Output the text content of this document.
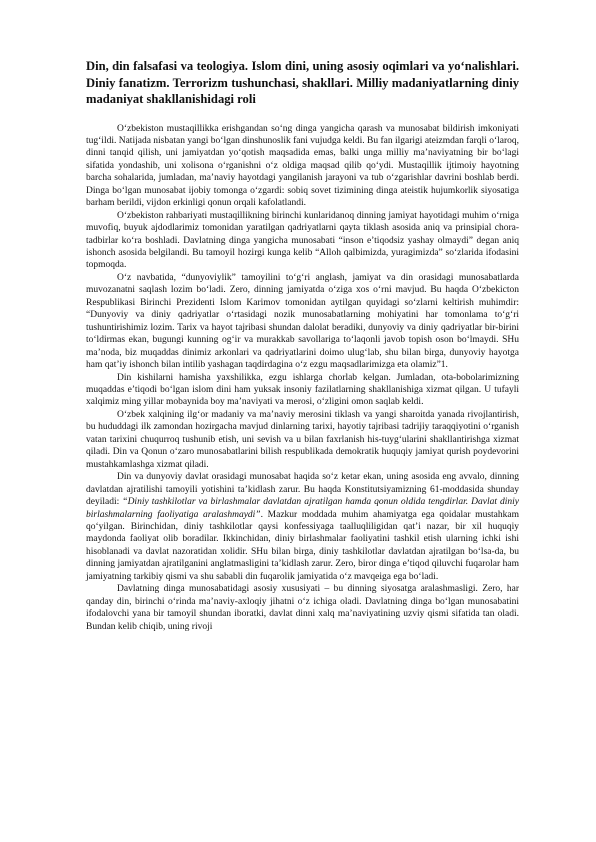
Din, din falsafasi va teologiya. Islom dini, uning asosiy oqimlari va yo‘nalishlari. Diniy fanatizm. Terrorizm tushunchasi, shakllari. Milliy madaniyatlarning diniy madaniyat shakllanishidagi roli

O‘zbekiston mustaqillikka erishgandan so‘ng dinga yangicha qarash va munosabat bildirish imkoniyati tug‘ildi. Natijada nisbatan yangi bo‘lgan dinshunoslik fani vujudga keldi. Bu fan ilgarigi ateizmdan farqli o‘laroq, dinni tanqid qilish, uni jamiyatdan yo‘qotish maqsadida emas, balki unga milliy ma’naviyatning bir bo‘lagi sifatida yondashib, uni xolisona o‘rganishni o‘z oldiga maqsad qilib qo‘ydi. Mustaqillik ijtimoiy hayotning barcha sohalarida, jumladan, ma’naviy hayotdagi yangilanish jarayoni va tub o‘zgarishlar davrini boshlab berdi. Dinga bo‘lgan munosabat ijobiy tomonga o‘zgardi: sobiq sovet tizimining dinga ateistik hujumkorlik siyosatiga barham berildi, vijdon erkinligi qonun orqali kafolatlandi.

O‘zbekiston rahbariyati mustaqillikning birinchi kunlaridanoq dinning jamiyat hayotidagi muhim o‘rniga muvofiq, buyuk ajdodlarimiz tomonidan yaratilgan qadriyatlarni qayta tiklash asosida aniq va prinsipial chora-tadbirlar ko‘ra boshladi. Davlatning dinga yangicha munosabati “inson e’tiqodsiz yashay olmaydi” degan aniq ishonch asosida belgilandi. Bu tamoyil hozirgi kunga kelib “Alloh qalbimizda, yuragimizda” so‘zlarida ifodasini topmoqda.

O‘z navbatida, “dunyoviylik” tamoyilini to‘g‘ri anglash, jamiyat va din orasidagi munosabatlarda muvozanatni saqlash lozim bo‘ladi. Zero, dinning jamiyatda o‘ziga xos o‘rni mavjud. Bu haqda O‘zbekicton Respublikasi Birinchi Prezidenti Islom Karimov tomonidan aytilgan quyidagi so‘zlarni keltirish muhimdir: “Dunyoviy va diniy qadriyatlar o‘rtasidagi nozik munosabatlarning mohiyatini har tomonlama to‘g‘ri tushuntirishimiz lozim. Tarix va hayot tajribasi shundan dalolat beradiki, dunyoviy va diniy qadriyatlar bir-birini to‘ldirmas ekan, bugungi kunning og‘ir va murakkab savollariga to‘laqonli javob topish oson bo‘lmaydi. SHu ma’noda, biz muqaddas dinimiz arkonlari va qadriyatlarini doimo ulug‘lab, shu bilan birga, dunyoviy hayotga ham qat’iy ishonch bilan intilib yashagan taqdirdagina o‘z ezgu maqsadlarimizga eta olamiz”1.

Din kishilarni hamisha yaxshilikka, ezgu ishlarga chorlab kelgan. Jumladan, ota-bobolarimizning muqaddas e’tiqodi bo‘lgan islom dini ham yuksak insoniy fazilatlarning shakllanishiga xizmat qilgan. U tufayli xalqimiz ming yillar mobaynida boy ma’naviyati va merosi, o‘zligini omon saqlab keldi.

O‘zbek xalqining ilg‘or madaniy va ma’naviy merosini tiklash va yangi sharoitda yanada rivojlantirish, bu hududdagi ilk zamondan hozirgacha mavjud dinlarning tarixi, hayotiy tajribasi tadrijiy taraqqiyotini o‘rganish vatan tarixini chuqurroq tushunib etish, uni sevish va u bilan faxrlanish his-tuyg‘ularini shakllantirishga xizmat qiladi. Din va Qonun o‘zaro munosabatlarini bilish respublikada demokratik huquqiy jamiyat qurish poydevorini mustahkamlashga xizmat qiladi.

Din va dunyoviy davlat orasidagi munosabat haqida so‘z ketar ekan, uning asosida eng avvalo, dinning davlatdan ajratilishi tamoyili yotishini ta’kidlash zarur. Bu haqda Konstitutsiyamizning 61-moddasida shunday deyiladi: “Diniy tashkilotlar va birlashmalar davlatdan ajratilgan hamda qonun oldida tengdirlar. Davlat diniy birlashmalarning faoliyatiga aralashmaydi”. Mazkur moddada muhim ahamiyatga ega qoidalar mustahkam qo‘yilgan. Birinchidan, diniy tashkilotlar qaysi konfessiyaga taalluqliligidan qat’i nazar, bir xil huquqiy maydonda faoliyat olib boradilar. Ikkinchidan, diniy birlashmalar faoliyatini tashkil etish ularning ichki ishi hisoblanadi va davlat nazoratidan xolidir. SHu bilan birga, diniy tashkilotlar davlatdan ajratilgan bo‘lsa-da, bu dinning jamiyatdan ajratilganini anglatmasligini ta’kidlash zarur. Zero, biror dinga e’tiqod qiluvchi fuqarolar ham jamiyatning tarkibiy qismi va shu sababli din fuqarolik jamiyatida o‘z mavqeiga ega bo‘ladi.

Davlatning dinga munosabatidagi asosiy xususiyati – bu dinning siyosatga aralashmasligi. Zero, har qanday din, birinchi o‘rinda ma’naviy-axloqiy jihatni o‘z ichiga oladi. Davlatning dinga bo‘lgan munosabatini ifodalovchi yana bir tamoyil shundan iboratki, davlat dinni xalq ma’naviyatining uzviy qismi sifatida tan oladi. Bundan kelib chiqib, uning rivoji
